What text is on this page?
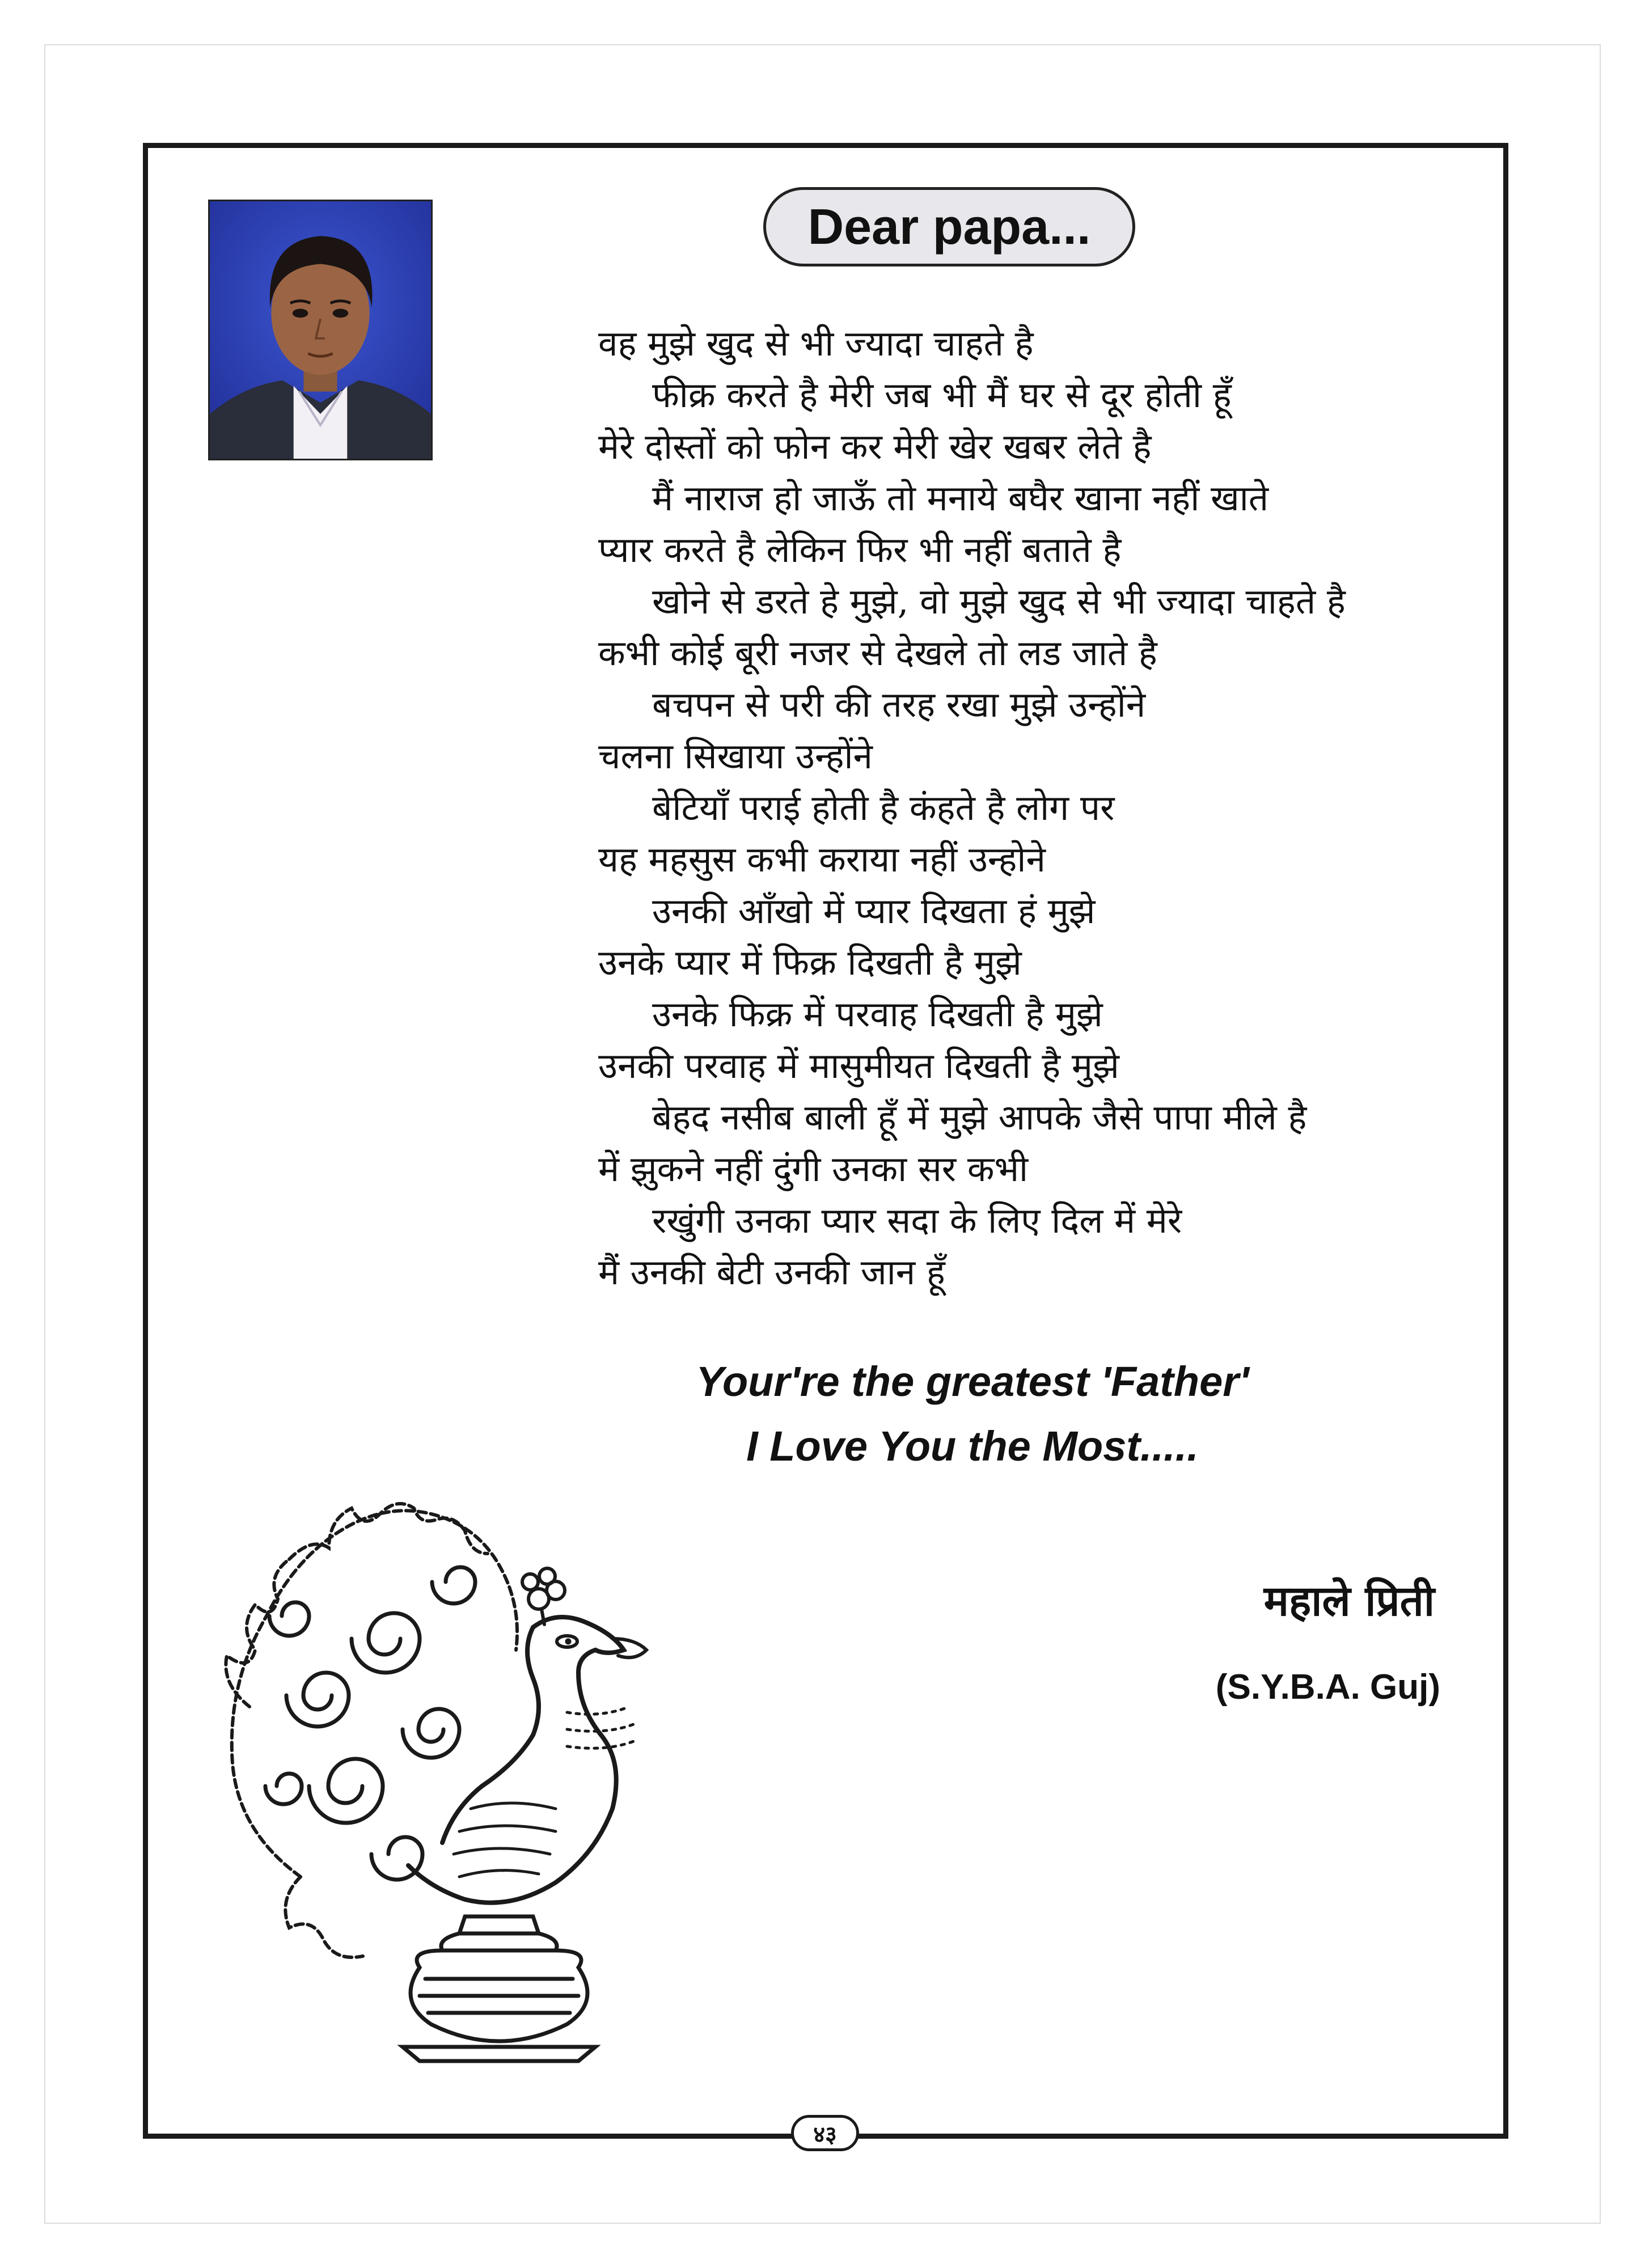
Dear papa...
वह मुझे खुद से भी ज्यादा चाहते है
फीक्र करते है मेरी जब भी मैं घर से दूर होती हूँ
मेरे दोस्तों को फोन कर मेरी खेर खबर लेते है
मैं नाराज हो जाऊँ तो मनाये बघैर खाना नहीं खाते
प्यार करते है लेकिन फिर भी नहीं बताते है
खोने से डरते हे मुझे, वो मुझे खुद से भी ज्यादा चाहते है
कभी कोई बूरी नजर से देखले तो लड जाते है
बचपन से परी की तरह रखा मुझे उन्होंने
चलना सिखाया उन्होंने
बेटियाँ पराई होती है कंहते है लोग पर
यह महसुस कभी कराया नहीं उन्होने
उनकी आँखो में प्यार दिखता हं मुझे
उनके प्यार में फिक्र दिखती है मुझे
उनके फिक्र में परवाह दिखती है मुझे
उनकी परवाह में मासुमीयत दिखती है मुझे
बेहद नसीब बाली हूँ में मुझे आपके जैसे पापा मीले है
में झुकने नहीं दुंगी उनका सर कभी
रखुंगी उनका प्यार सदा के लिए दिल में मेरे
मैं उनकी बेटी उनकी जान हूँ
Your're the greatest 'Father'
I Love You the Most.....
महाले प्रिती
(S.Y.B.A. Guj)
४३
